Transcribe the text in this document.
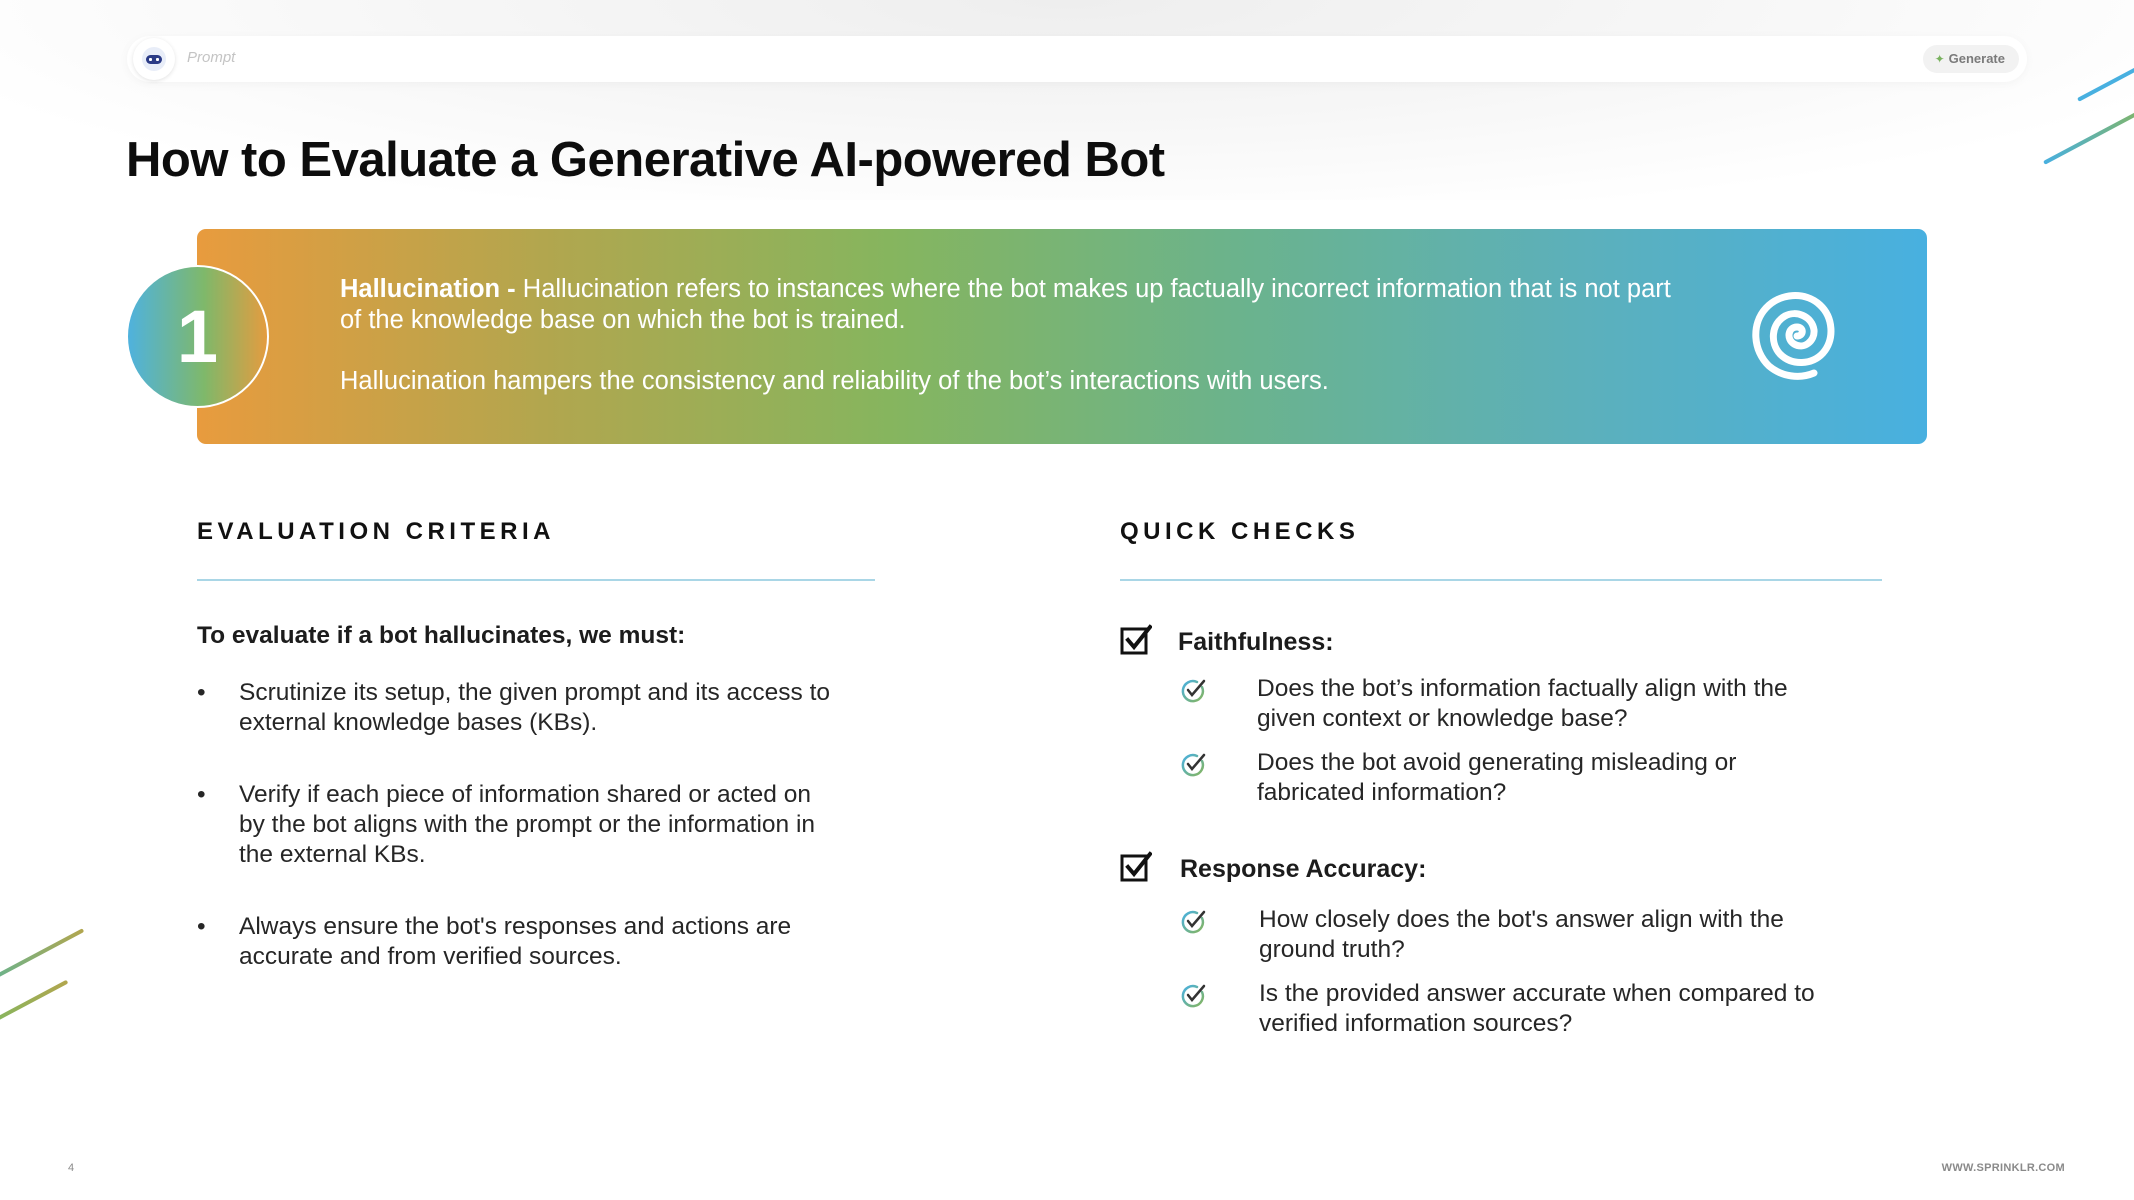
Prompt	✦ Generate
How to Evaluate a Generative AI-powered Bot
1

Hallucination - Hallucination refers to instances where the bot makes up factually incorrect information that is not part of the knowledge base on which the bot is trained.

Hallucination hampers the consistency and reliability of the bot’s interactions with users.

EVALUATION CRITERIA	QUICK CHECKS

To evaluate if a bot hallucinates, we must:

• Scrutinize its setup, the given prompt and its access to external knowledge bases (KBs).
• Verify if each piece of information shared or acted on by the bot aligns with the prompt or the information in the external KBs.
• Always ensure the bot's responses and actions are accurate and from verified sources.
Faithfulness:
Does the bot’s information factually align with the given context or knowledge base?
Does the bot avoid generating misleading or fabricated information?
Response Accuracy:
How closely does the bot's answer align with the ground truth?
Is the provided answer accurate when compared to verified information sources?
4	WWW.SPRINKLR.COM
